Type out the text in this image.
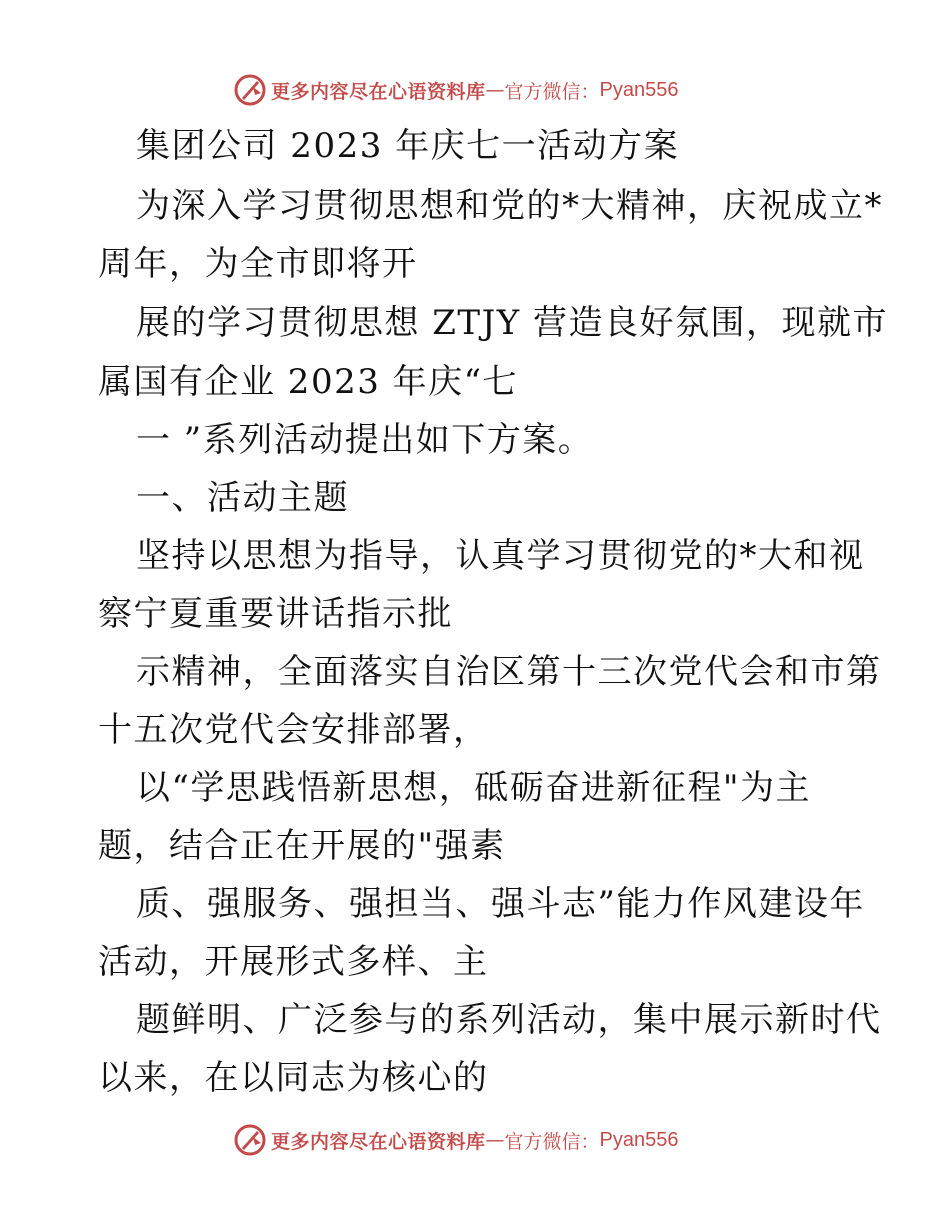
更多内容尽在心语资料库 — 官方微信： Pyan556
集团公司 2023 年庆七一活动方案
为深入学习贯彻思想和党的*大精神，庆祝成立*
周年，为全市即将开
展的学习贯彻思想 ZTJY 营造良好氛围，现就市
属国有企业 2023 年庆“七
一 ”系列活动提出如下方案。
一、活动主题
坚持以思想为指导，认真学习贯彻党的*大和视
察宁夏重要讲话指示批
示精神，全面落实自治区第十三次党代会和市第
十五次党代会安排部署，
以“学思践悟新思想，砥砺奋进新征程"为主
题，结合正在开展的"强素
质、强服务、强担当、强斗志”能力作风建设年
活动，开展形式多样、主
题鲜明、广泛参与的系列活动，集中展示新时代
以来，在以同志为核心的
更多内容尽在心语资料库 — 官方微信： Pyan556
